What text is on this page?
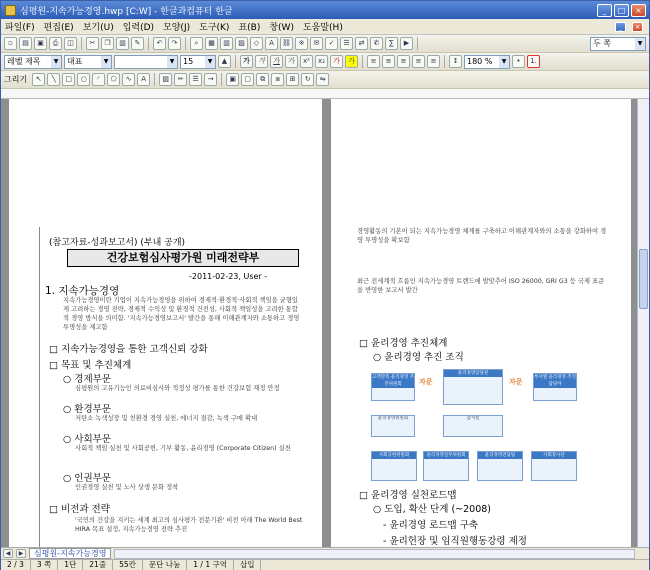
심평원-지속가능경영.hwp [C:W] - 한글과컴퓨터 한글	_	□	×
파일(F) 편집(E) 보기(U) 입력(D) 모양(J) 도구(K) 표(B) 창(W) 도움말(H)	_	×
▫	▤	▣	⎙	◫	✂	❐	▥	✎	↶	↷	⌕	▦	▥	▨	◇	A	⛓	※	✉	✓	☰	⇄	✆	∑	▶	두 쪽	▼
레벨 제목	▼	대표	▼	▼	15	▼	▲	가	가	가	가	x²	x₂	가	가	≡	≡	≡	≡	≡	↕	180 %	▼	•	1.
그리기	↖	╲	□	○	◜	⬠	∿	A	▧	✏	☰	→	▣	▢	⧉	⧈	⊞	↻	⇋
(참고자료-성과보고서) (부내 공개)
건강보험심사평가원 미래전략부
-2011-02-23, User -
1. 지속가능경영
지속가능경영이란 기업이 지속가능경영을 위하여 경제적·환경적·사회적 책임을 균형있게 고려하는 경영 전략, 경제적 수익성 및 환경적 건전성, 사회적 책임성을 고려한 통합적 경영 방식을 의미함. '지속가능경영보고서' 발간을 통해 이해관계자와 소통하고 경영 투명성을 제고함
□ 지속가능경영을 통한 고객신뢰 강화
□ 목표 및 추진체계
○ 경제부문
심평원의 고유기능인 의료비심사와 적정성 평가를 통한 건강보험 재정 안정
○ 환경부문
저탄소 녹색성장 및 친환경 경영 실천, 에너지 절감, 녹색 구매 확대
○ 사회부문
사회적 책임 실천 및 사회공헌, 기부 활동, 윤리경영 (Corporate Citizen) 실천
○ 인권부문
인권경영 실천 및 노사 상생 문화 정착
□ 비전과 전략
'국민의 건강을 지키는 세계 최고의 심사평가 전문기관' 비전 아래 The World Best HIRA 목표 설정, 지속가능경영 전략 추진
경영활동의 기본이 되는 지속가능경영 체계를 구축하고 이해관계자와의 소통을 강화하여 경영 투명성을 확보함
최근 전세계적 흐름인 지속가능경영 트렌드에 발맞추어 ISO 26000, GRI G3 등 국제 표준을 반영한 보고서 발간
□ 윤리경영 추진체계
○ 윤리경영 추진 조직
고객만족·윤리경영 추진위원회	자문
윤리경영담당관
자문
부서별 윤리경영 추진 담당자
윤리경영위원회	감사실
사회공헌위원회	윤리경영실무위원회	윤리경영전담팀	사회봉사단
□ 윤리경영 실천로드맵
○ 도입, 확산 단계 (~2008)
- 윤리경영 로드맵 구축
- 윤리헌장 및 임직원행동강령 제정
◀	▶	심평원-지속가능경영
2 / 3	3 쪽	1단	21줄	55칸	문단 나눔	1 / 1 구역	삽입
